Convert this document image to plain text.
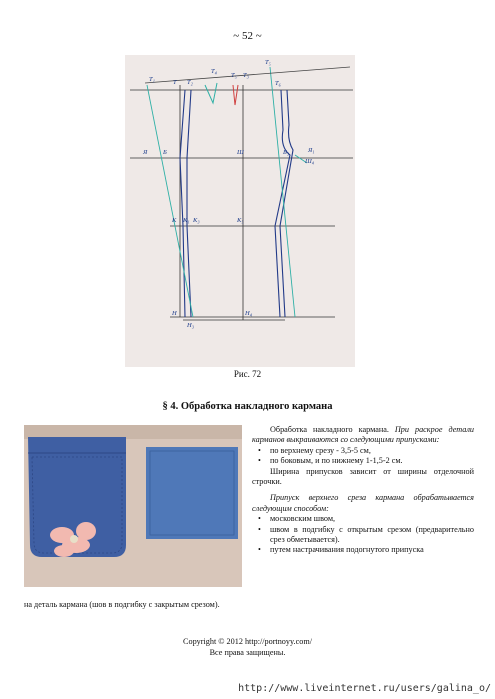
~ 52 ~
T₁	T T₂
T₄
T₅ T₃
T₆
T₅
Б
Я	Ш	Б₃	Я₁
Ш₄
К К₁ К₃	К₅
Н
Н₃
Н₄
Рис. 72
§ 4. Обработка накладного кармана

Обработка накладного кармана. При раскрое детали карманов выкраиваются со следующими припусками:

• по верхнему срезу - 3,5-5 см,
• по боковым, и по нижнему 1-1,5-2 см.

Ширина припусков зависит от ширины отделочной строчки.

Припуск верхнего среза кармана обрабатывается следующим способом:

• московским швом,
• швом в подгибку с открытым срезом (предварительно срез обметывается).
• путем настрачивания подогнутого припуска
на деталь кармана (шов в подгибку с закрытым срезом).
Copyright © 2012 http://portnoyy.com/
Все права защищены.
http://www.liveinternet.ru/users/galina_o/
